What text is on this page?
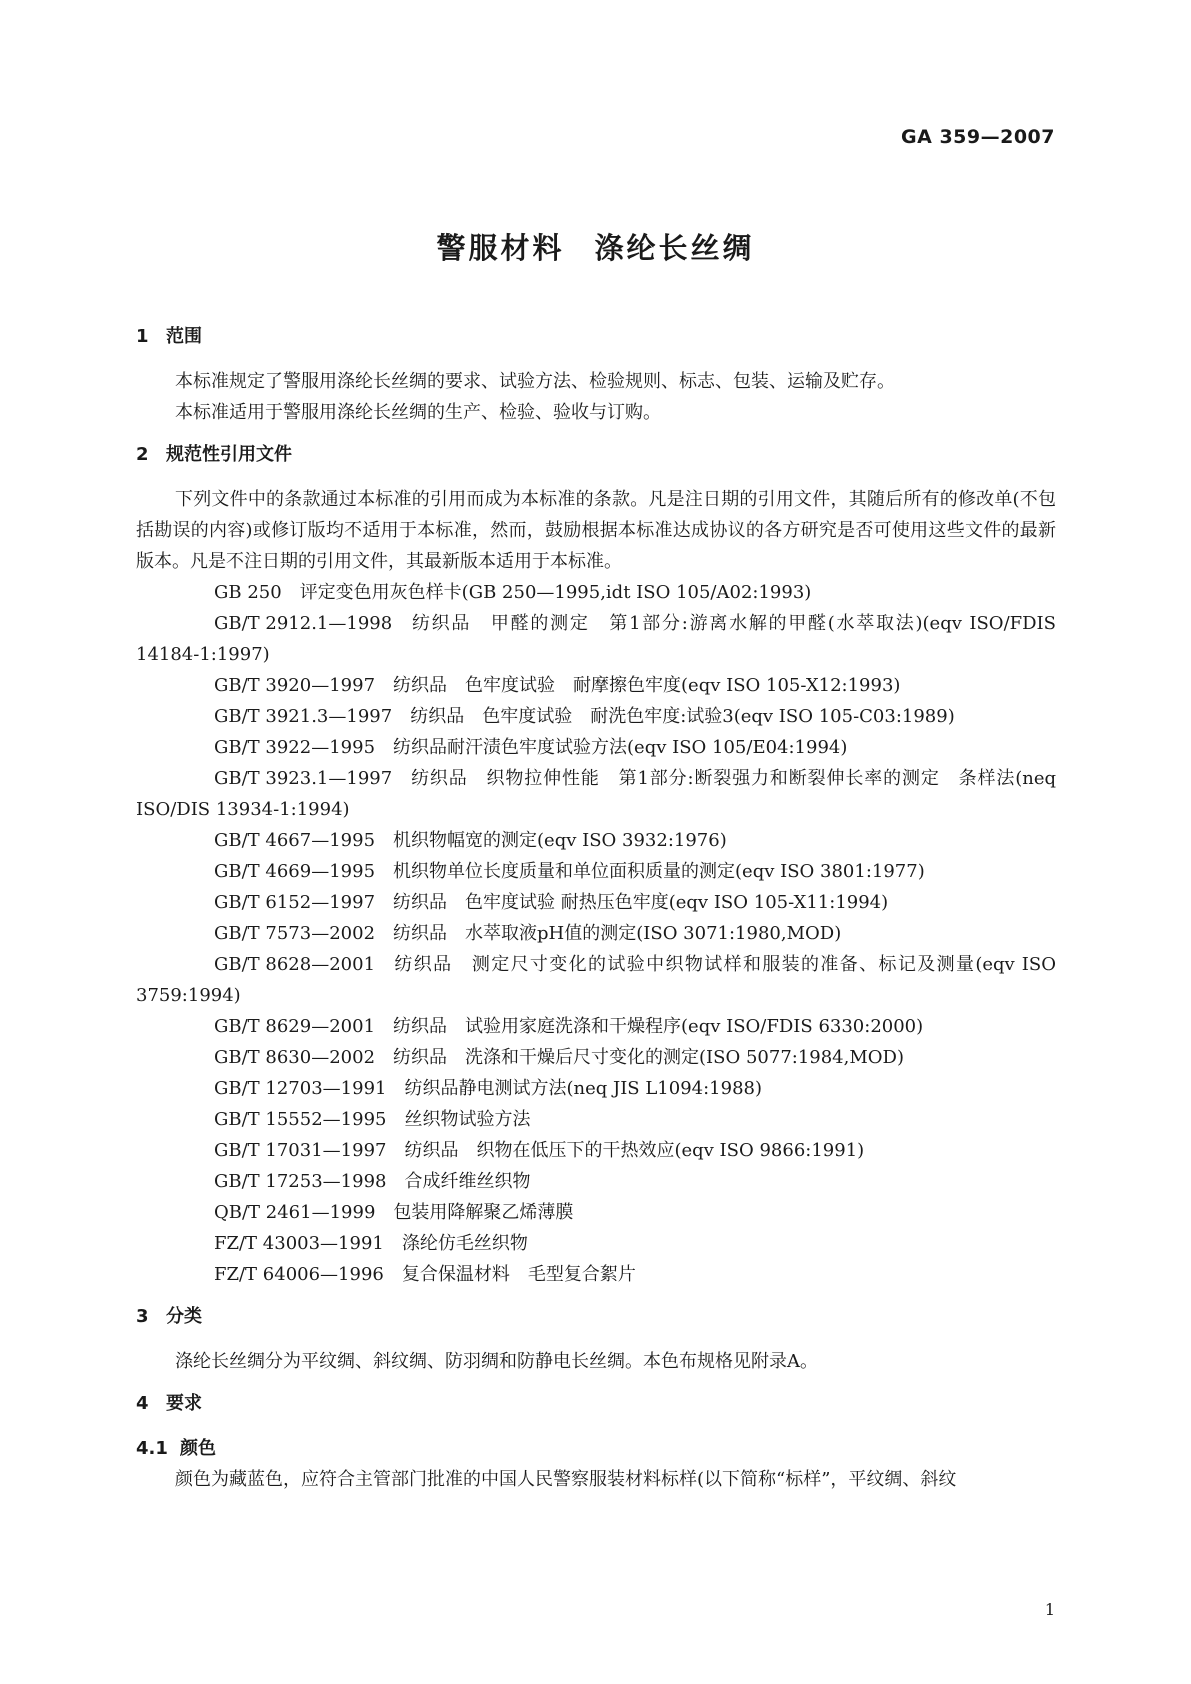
GA 359—2007
警服材料 涤纶长丝绸
1 范围

本标准规定了警服用涤纶长丝绸的要求、试验方法、检验规则、标志、包装、运输及贮存。

本标准适用于警服用涤纶长丝绸的生产、检验、验收与订购。

2 规范性引用文件

下列文件中的条款通过本标准的引用而成为本标准的条款。凡是注日期的引用文件，其随后所有的修改单(不包括勘误的内容)或修订版均不适用于本标准，然而，鼓励根据本标准达成协议的各方研究是否可使用这些文件的最新版本。凡是不注日期的引用文件，其最新版本适用于本标准。

GB 250 评定变色用灰色样卡(GB 250—1995,idt ISO 105/A02:1993)
GB/T 2912.1—1998 纺织品　甲醛的测定　第1部分:游离水解的甲醛(水萃取法)(eqv ISO/FDIS 14184-1:1997)
GB/T 3920—1997 纺织品　色牢度试验　耐摩擦色牢度(eqv ISO 105-X12:1993)
GB/T 3921.3—1997 纺织品　色牢度试验　耐洗色牢度:试验3(eqv ISO 105-C03:1989)
GB/T 3922—1995 纺织品耐汗渍色牢度试验方法(eqv ISO 105/E04:1994)
GB/T 3923.1—1997 纺织品　织物拉伸性能　第1部分:断裂强力和断裂伸长率的测定　条样法(neq ISO/DIS 13934-1:1994)
GB/T 4667—1995 机织物幅宽的测定(eqv ISO 3932:1976)
GB/T 4669—1995 机织物单位长度质量和单位面积质量的测定(eqv ISO 3801:1977)
GB/T 6152—1997 纺织品　色牢度试验 耐热压色牢度(eqv ISO 105-X11:1994)
GB/T 7573—2002 纺织品　水萃取液pH值的测定(ISO 3071:1980,MOD)
GB/T 8628—2001 纺织品　测定尺寸变化的试验中织物试样和服装的准备、标记及测量(eqv ISO 3759:1994)
GB/T 8629—2001 纺织品　试验用家庭洗涤和干燥程序(eqv ISO/FDIS 6330:2000)
GB/T 8630—2002 纺织品　洗涤和干燥后尺寸变化的测定(ISO 5077:1984,MOD)
GB/T 12703—1991 纺织品静电测试方法(neq JIS L1094:1988)
GB/T 15552—1995 丝织物试验方法
GB/T 17031—1997 纺织品　织物在低压下的干热效应(eqv ISO 9866:1991)
GB/T 17253—1998 合成纤维丝织物
QB/T 2461—1999 包装用降解聚乙烯薄膜
FZ/T 43003—1991 涤纶仿毛丝织物
FZ/T 64006—1996 复合保温材料　毛型复合絮片
3 分类

涤纶长丝绸分为平纹绸、斜纹绸、防羽绸和防静电长丝绸。本色布规格见附录A。

4 要求
4.1 颜色

颜色为藏蓝色，应符合主管部门批准的中国人民警察服装材料标样(以下简称“标样”，平纹绸、斜纹

1
